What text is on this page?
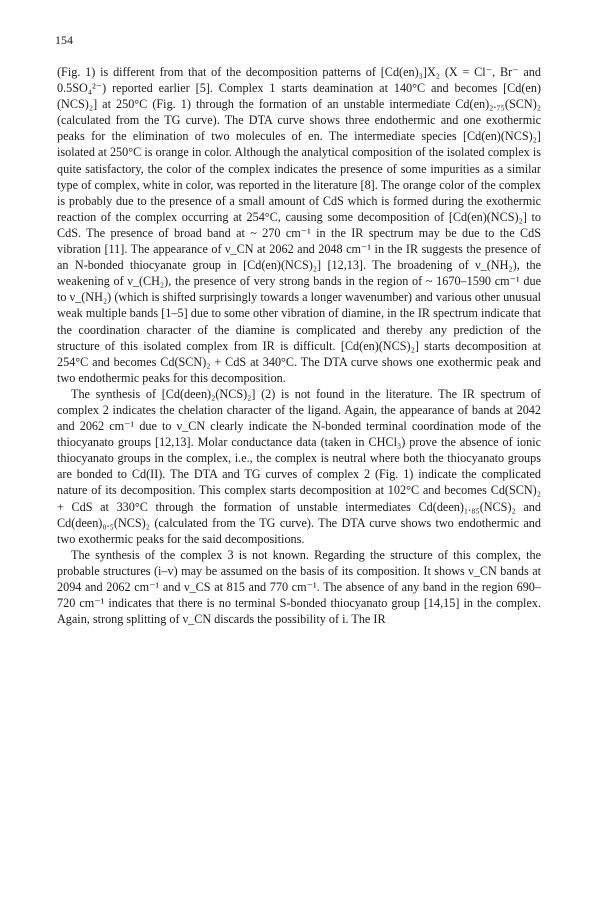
154

(Fig. 1) is different from that of the decomposition patterns of [Cd(en)₃]X₂ (X = Cl⁻, Br⁻ and 0.5SO₄²⁻) reported earlier [5]. Complex 1 starts deamination at 140°C and becomes [Cd(en)(NCS)₂] at 250°C (Fig. 1) through the formation of an unstable intermediate Cd(en)₂.₇₅(SCN)₂ (calculated from the TG curve). The DTA curve shows three endothermic and one exothermic peaks for the elimination of two molecules of en. The intermediate species [Cd(en)(NCS)₂] isolated at 250°C is orange in color. Although the analytical composition of the isolated complex is quite satisfactory, the color of the complex indicates the presence of some impurities as a similar type of complex, white in color, was reported in the literature [8]. The orange color of the complex is probably due to the presence of a small amount of CdS which is formed during the exothermic reaction of the complex occurring at 254°C, causing some decomposition of [Cd(en)(NCS)₂] to CdS. The presence of broad band at ~ 270 cm⁻¹ in the IR spectrum may be due to the CdS vibration [11]. The appearance of ν_CN at 2062 and 2048 cm⁻¹ in the IR suggests the presence of an N-bonded thiocyanate group in [Cd(en)(NCS)₂] [12,13]. The broadening of ν_(NH₂), the weakening of ν_(CH₂), the presence of very strong bands in the region of ~ 1670–1590 cm⁻¹ due to ν_(NH₂) (which is shifted surprisingly towards a longer wavenumber) and various other unusual weak multiple bands [1–5] due to some other vibration of diamine, in the IR spectrum indicate that the coordination character of the diamine is complicated and thereby any prediction of the structure of this isolated complex from IR is difficult. [Cd(en)(NCS)₂] starts decomposition at 254°C and becomes Cd(SCN)₂ + CdS at 340°C. The DTA curve shows one exothermic peak and two endothermic peaks for this decomposition.

The synthesis of [Cd(deen)₂(NCS)₂] (2) is not found in the literature. The IR spectrum of complex 2 indicates the chelation character of the ligand. Again, the appearance of bands at 2042 and 2062 cm⁻¹ due to ν_CN clearly indicate the N-bonded terminal coordination mode of the thiocyanato groups [12,13]. Molar conductance data (taken in CHCl₃) prove the absence of ionic thiocyanato groups in the complex, i.e., the complex is neutral where both the thiocyanato groups are bonded to Cd(II). The DTA and TG curves of complex 2 (Fig. 1) indicate the complicated nature of its decomposition. This complex starts decomposition at 102°C and becomes Cd(SCN)₂ + CdS at 330°C through the formation of unstable intermediates Cd(deen)₁.₈₅(NCS)₂ and Cd(deen)₀.₅(NCS)₂ (calculated from the TG curve). The DTA curve shows two endothermic and two exothermic peaks for the said decompositions.

The synthesis of the complex 3 is not known. Regarding the structure of this complex, the probable structures (i–v) may be assumed on the basis of its composition. It shows ν_CN bands at 2094 and 2062 cm⁻¹ and ν_CS at 815 and 770 cm⁻¹. The absence of any band in the region 690–720 cm⁻¹ indicates that there is no terminal S-bonded thiocyanato group [14,15] in the complex. Again, strong splitting of ν_CN discards the possibility of i. The IR
